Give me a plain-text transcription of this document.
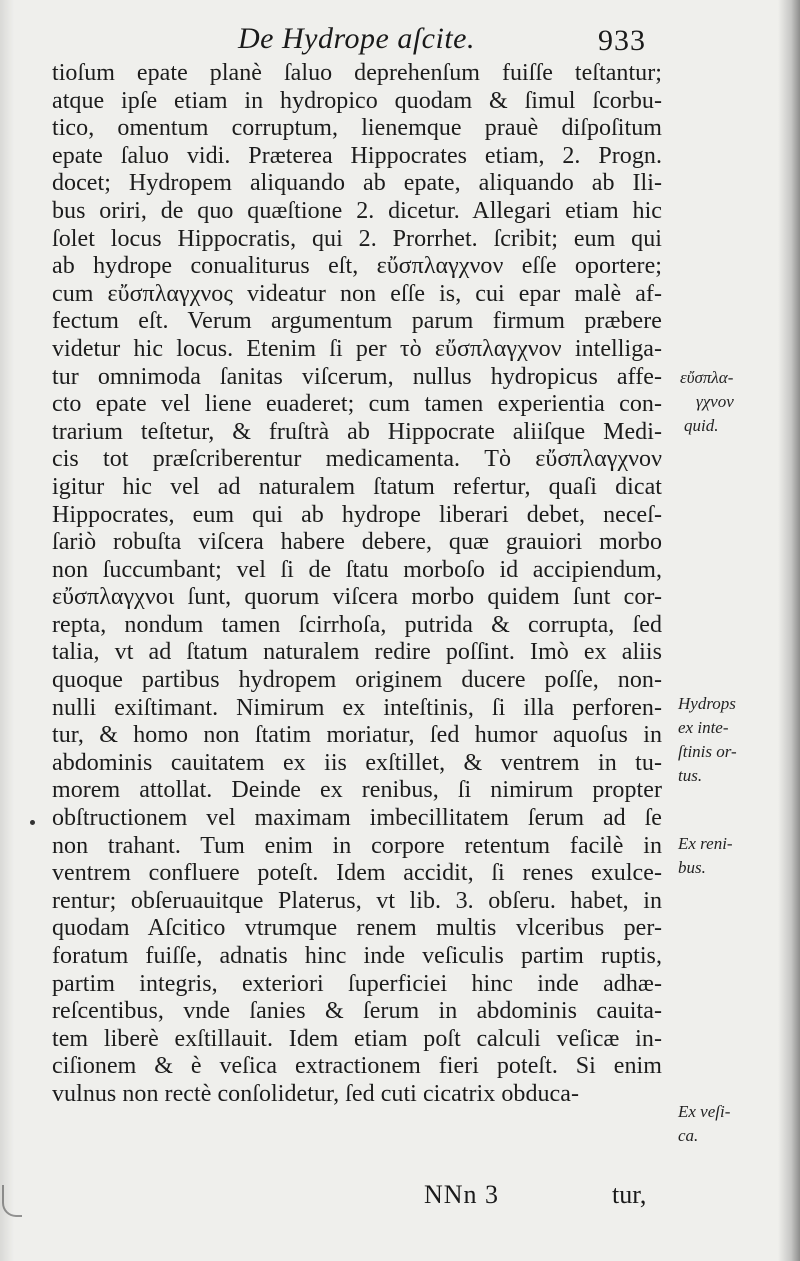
De Hydrope aſcite.	933
tioſum epate planè ſaluo deprehenſum fuiſſe teſtantur;
atque ipſe etiam in hydropico quodam & ſimul ſcorbu-
tico, omentum corruptum, lienemque prauè diſpoſitum
epate ſaluo vidi. Prӕterea Hippocrates etiam, 2. Progn.
docet; Hydropem aliquando ab epate, aliquando ab Ili-
bus oriri, de quo quӕſtione 2. dicetur. Allegari etiam hic
ſolet locus Hippocratis, qui 2. Prorrhet. ſcribit; eum qui
ab hydrope conualiturus eſt, εὔσπλαγχνον eſſe oportere;
cum εὔσπλαγχνος videatur non eſſe is, cui epar malè af-
fectum eſt. Verum argumentum parum firmum prӕbere
videtur hic locus. Etenim ſi per τὸ εὔσπλαγχνον intelliga-
tur omnimoda ſanitas viſcerum, nullus hydropicus affe-
cto epate vel liene euaderet; cum tamen experientia con-
trarium teſtetur, & fruſtrà ab Hippocrate aliiſque Medi-
cis tot prӕſcriberentur medicamenta. Τὸ εὔσπλαγχνον
igitur hic vel ad naturalem ſtatum refertur, quaſi dicat
Hippocrates, eum qui ab hydrope liberari debet, neceſ-
ſariò robuſta viſcera habere debere, quӕ grauiori morbo
non ſuccumbant; vel ſi de ſtatu morboſo id accipiendum,
εὔσπλαγχνοι ſunt, quorum viſcera morbo quidem ſunt cor-
repta, nondum tamen ſcirrhoſa, putrida & corrupta, ſed
talia, vt ad ſtatum naturalem redire poſſint. Imò ex aliis
quoque partibus hydropem originem ducere poſſe, non-
nulli exiſtimant. Nimirum ex inteſtinis, ſi illa perforen-
tur, & homo non ſtatim moriatur, ſed humor aquoſus in
abdominis cauitatem ex iis exſtillet, & ventrem in tu-
morem attollat. Deinde ex renibus, ſi nimirum propter
obſtructionem vel maximam imbecillitatem ſerum ad ſe
non trahant. Tum enim in corpore retentum facilè in
ventrem confluere poteſt. Idem accidit, ſi renes exulce-
rentur; obſeruauitque Platerus, vt lib. 3. obſeru. habet, in
quodam Aſcitico vtrumque renem multis vlceribus per-
foratum fuiſſe, adnatis hinc inde veſiculis partim ruptis,
partim integris, exteriori ſuperficiei hinc inde adhӕ-
reſcentibus, vnde ſanies & ſerum in abdominis cauita-
tem liberè exſtillauit. Idem etiam poſt calculi veſicӕ in-
ciſionem & è veſica extractionem fieri poteſt. Si enim
vulnus non rectè conſolidetur, ſed cuti cicatrix obduca-
εὔσπλα-
γχνον
quid.
Hydrops
ex inte-
ſtinis or-
tus.
Ex reni-
bus.
Ex veſi-
ca.
NNn 3	tur,
